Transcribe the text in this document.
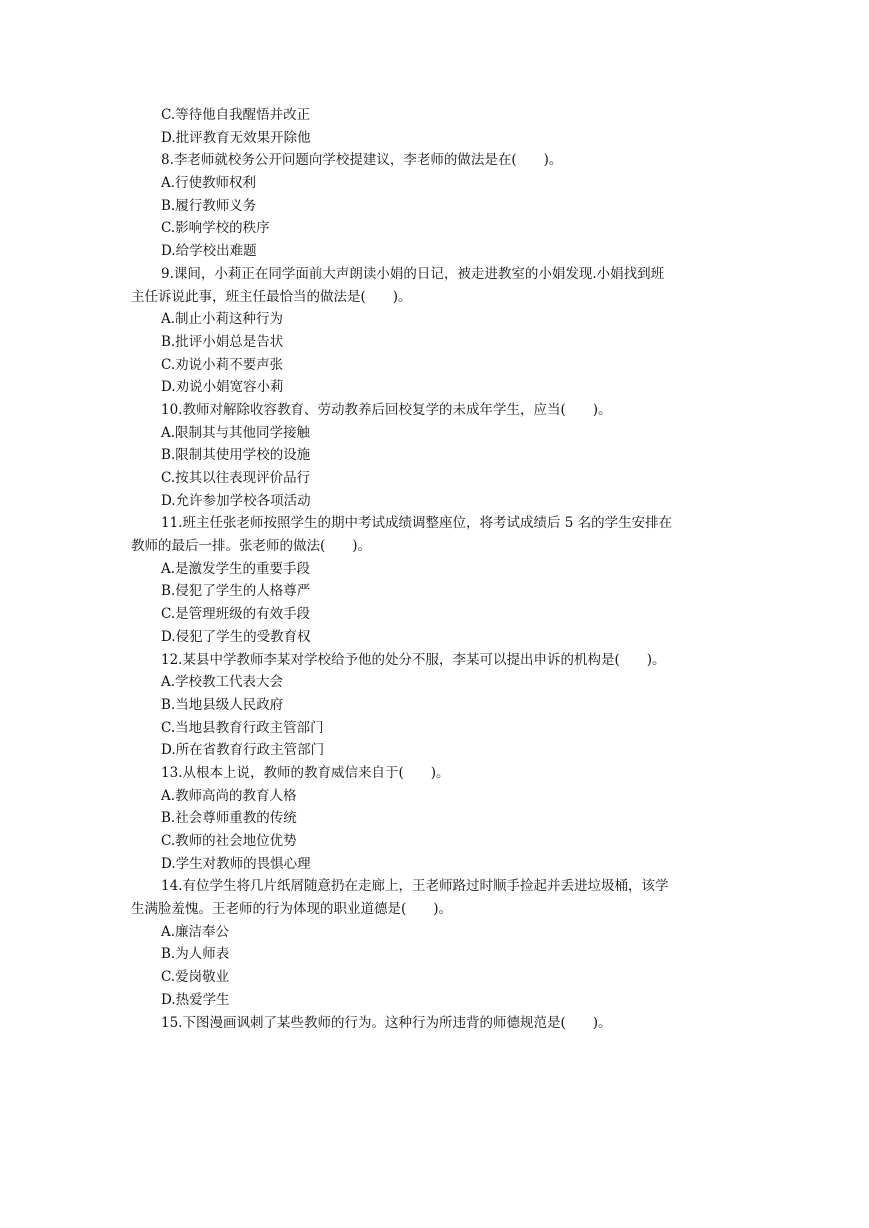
C.等待他自我醒悟并改正
D.批评教育无效果开除他
8.李老师就校务公开问题向学校提建议，李老师的做法是在(　　)。
A.行使教师权利
B.履行教师义务
C.影响学校的秩序
D.给学校出难题
9.课间，小莉正在同学面前大声朗读小娟的日记，被走进教室的小娟发现.小娟找到班
主任诉说此事，班主任最恰当的做法是(　　)。
A.制止小莉这种行为
B.批评小娟总是告状
C.劝说小莉不要声张
D.劝说小娟宽容小莉
10.教师对解除收容教育、劳动教养后回校复学的未成年学生，应当(　　)。
A.限制其与其他同学接触
B.限制其使用学校的设施
C.按其以往表现评价品行
D.允许参加学校各项活动
11.班主任张老师按照学生的期中考试成绩调整座位，将考试成绩后 5 名的学生安排在
教师的最后一排。张老师的做法(　　)。
A.是激发学生的重要手段
B.侵犯了学生的人格尊严
C.是管理班级的有效手段
D.侵犯了学生的受教育权
12.某县中学教师李某对学校给予他的处分不服，李某可以提出申诉的机构是(　　)。
A.学校教工代表大会
B.当地县级人民政府
C.当地县教育行政主管部门
D.所在省教育行政主管部门
13.从根本上说，教师的教育威信来自于(　　)。
A.教师高尚的教育人格
B.社会尊师重教的传统
C.教师的社会地位优势
D.学生对教师的畏惧心理
14.有位学生将几片纸屑随意扔在走廊上，王老师路过时顺手捡起并丢进垃圾桶，该学
生满脸羞愧。王老师的行为体现的职业道德是(　　)。
A.廉洁奉公
B.为人师表
C.爱岗敬业
D.热爱学生
15.下图漫画讽刺了某些教师的行为。这种行为所违背的师德规范是(　　)。
